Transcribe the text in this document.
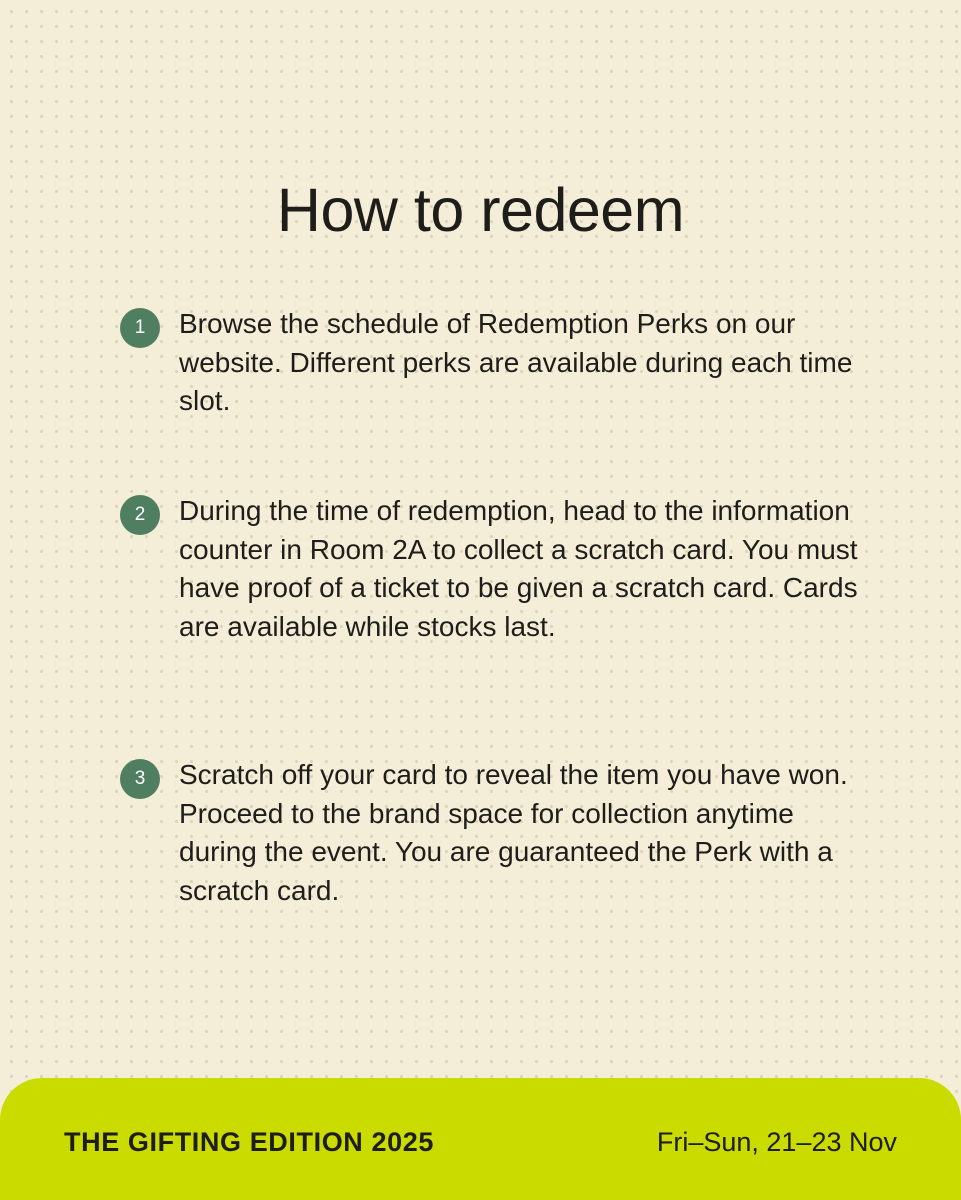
How to redeem
1	Browse the schedule of Redemption Perks on our website. Different perks are available during each time slot.

2	During the time of redemption, head to the information counter in Room 2A to collect a scratch card. You must have proof of a ticket to be given a scratch card. Cards are available while stocks last.

3	Scratch off your card to reveal the item you have won. Proceed to the brand space for collection anytime during the event. You are guaranteed the Perk with a scratch card.

THE GIFTING EDITION 2025	Fri–Sun, 21–23 Nov
